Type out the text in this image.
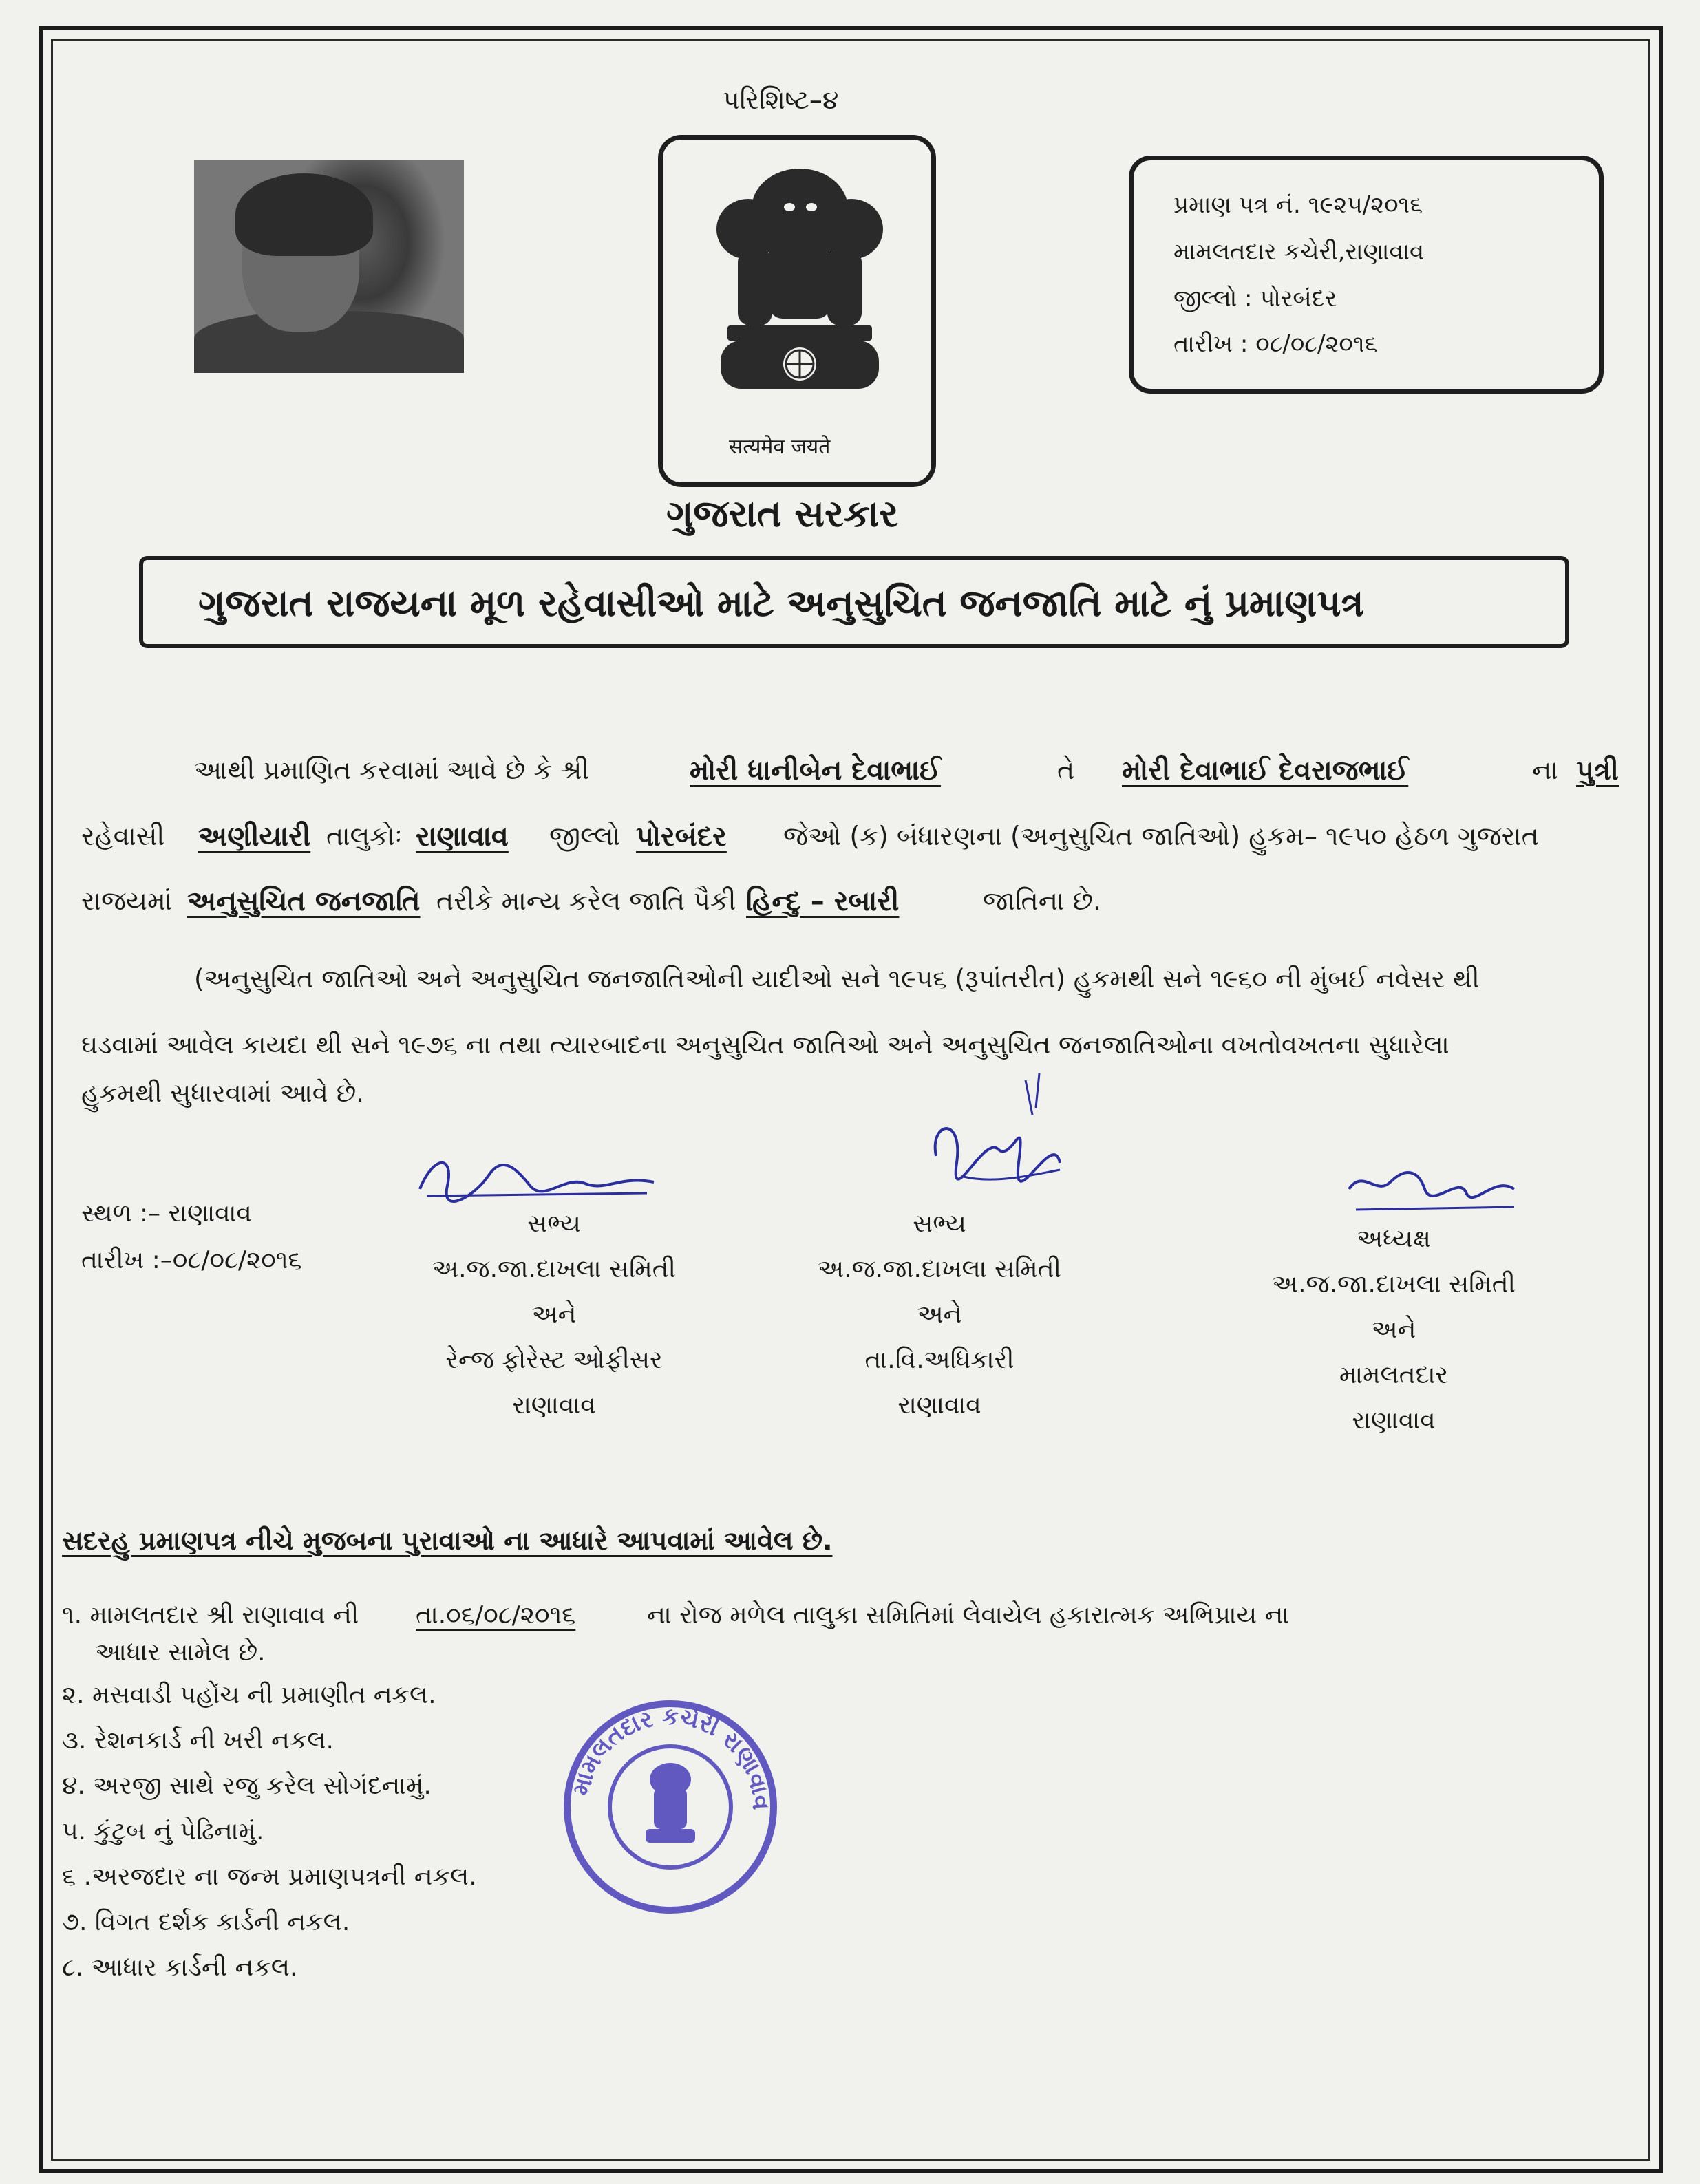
પરિશિષ્ટ–૪
सत्यमेव जयते
ગુજરાત સરકાર
પ્રમાણ પત્ર નં. ૧૯૨૫/૨૦૧૬
મામલતદાર કચેરી,રાણાવાવ
જીલ્લો : પોરબંદર
તારીખ : ૦૮/૦૮/૨૦૧૬
ગુજરાત રાજયના મૂળ રહેવાસીઓ માટે અનુસુચિત જનજાતિ માટે નું પ્રમાણપત્ર
આથી પ્રમાણિત કરવામાં આવે છે કે શ્રી	મોરી ધાનીબેન દેવાભાઈ	તે મોરી દેવાભાઈ દેવરાજભાઈ	ના પુત્રી
રહેવાસી અણીયારી તાલુકોઃ રાણાવાવ જીલ્લો પોરબંદર જેઓ (ક) બંધારણના (અનુસુચિત જાતિઓ) હુકમ– ૧૯૫૦ હેઠળ ગુજરાત
રાજયમાં અનુસુચિત જનજાતિ તરીકે માન્ય કરેલ જાતિ પૈકી હિન્દુ – રબારી	જાતિના છે.
(અનુસુચિત જાતિઓ અને અનુસુચિત જનજાતિઓની યાદીઓ સને ૧૯૫૬ (રૂપાંતરીત) હુકમથી સને ૧૯૬૦ ની મુંબઈ નવેસર થી
ઘડવામાં આવેલ કાયદા થી સને ૧૯૭૬ ના તથા ત્યારબાદના અનુસુચિત જાતિઓ અને અનુસુચિત જનજાતિઓના વખતોવખતના સુધારેલા
હુકમથી સુધારવામાં આવે છે.
સ્થળ :– રાણાવાવ
તારીખ :–૦૮/૦૮/૨૦૧૬
સભ્ય
અ.જ.જા.દાખલા સમિતી
અને
રેન્જ ફોરેસ્ટ ઓફીસર
રાણાવાવ
સભ્ય
અ.જ.જા.દાખલા સમિતી
અને
તા.વિ.અધિકારી
રાણાવાવ
અધ્યક્ષ
અ.જ.જા.દાખલા સમિતી
અને
મામલતદાર
રાણાવાવ
સદરહુ પ્રમાણપત્ર નીચે મુજબના પુરાવાઓ ના આધારે આપવામાં આવેલ છે.
૧. મામલતદાર શ્રી રાણાવાવ ની તા.૦૬/૦૮/૨૦૧૬	ના રોજ મળેલ તાલુકા સમિતિમાં લેવાયેલ હકારાત્મક અભિપ્રાય ના
આધાર સામેલ છે.
૨. મસવાડી પહોંચ ની પ્રમાણીત નકલ.
૩. રેશનકાર્ડ ની ખરી નકલ.
૪. અરજી સાથે રજુ કરેલ સોગંદનામું.
૫. કુંટુબ નું પેઢિનામું.
૬ .અરજદાર ના જન્મ પ્રમાણપત્રની નકલ.
૭. વિગત દર્શક કાર્ડની નકલ.
૮. આધાર કાર્ડની નકલ.
મામલતદાર કચેરી રાણાવાવ
